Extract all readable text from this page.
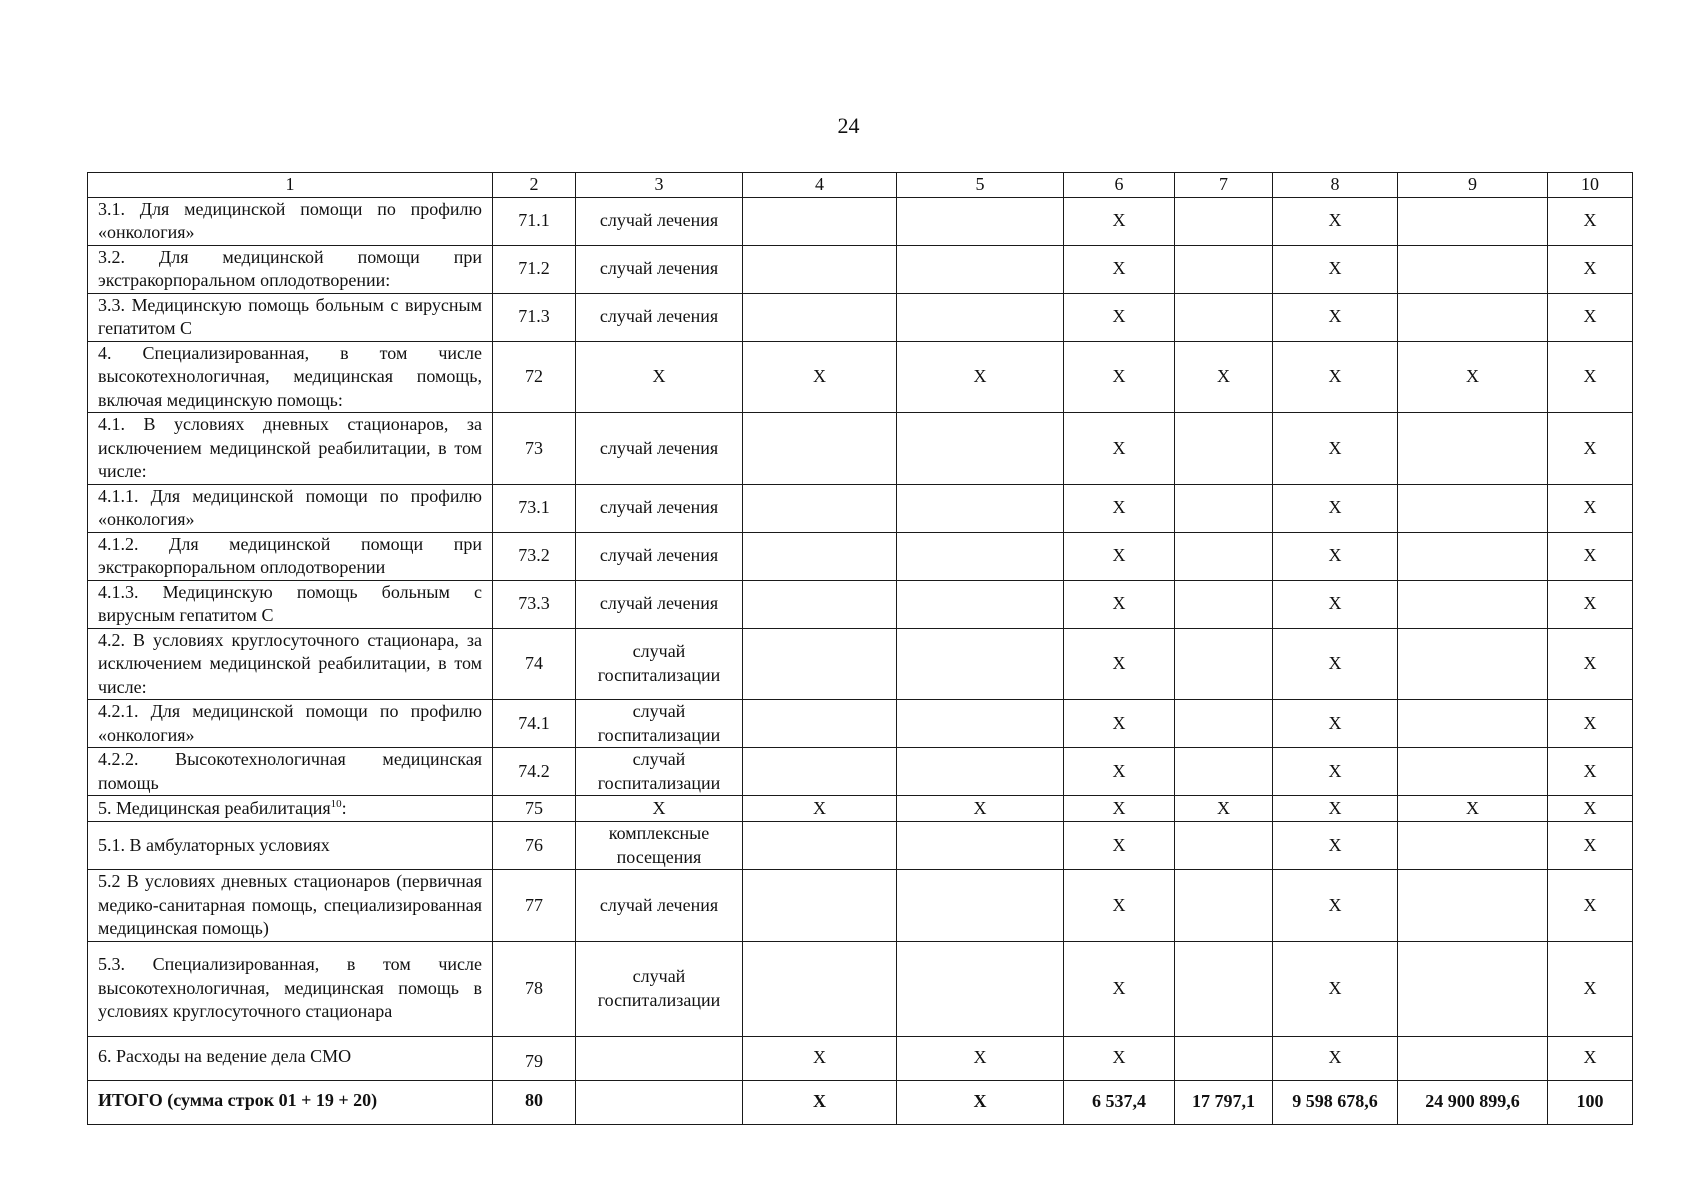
24
1	2	3	4	5	6	7	8	9	10
3.1. Для медицинской помощи по профилю «онкология»	71.1	случай лечения			X		X		X
3.2. Для медицинской помощи при экстракорпоральном оплодотворении:	71.2	случай лечения			X		X		X
3.3. Медицинскую помощь больным с вирусным гепатитом С	71.3	случай лечения			X		X		X
4. Специализированная, в том числе высокотехнологичная, медицинская помощь, включая медицинскую помощь:	72	X	X	X	X	X	X	X	X
4.1. В условиях дневных стационаров, за исключением медицинской реабилитации, в том числе:	73	случай лечения			X		X		X
4.1.1. Для медицинской помощи по профилю «онкология»	73.1	случай лечения			X		X		X
4.1.2. Для медицинской помощи при экстракорпоральном оплодотворении	73.2	случай лечения			X		X		X
4.1.3. Медицинскую помощь больным с вирусным гепатитом С	73.3	случай лечения			X		X		X
4.2. В условиях круглосуточного стационара, за исключением медицинской реабилитации, в том числе:	74	случай госпитализации			X		X		X
4.2.1. Для медицинской помощи по профилю «онкология»	74.1	случай госпитализации			X		X		X
4.2.2. Высокотехнологичная медицинская помощь	74.2	случай госпитализации			X		X		X
5. Медицинская реабилитация$^{10}$:	75	X	X	X	X	X	X	X	X
5.1. В амбулаторных условиях	76	комплексные посещения			X		X		X
5.2 В условиях дневных стационаров (первичная медико-санитарная помощь, специализированная медицинская помощь)	77	случай лечения			X		X		X
5.3. Специализированная, в том числе высокотехнологичная, медицинская помощь в условиях круглосуточного стационара	78	случай госпитализации			X		X		X
6. Расходы на ведение дела СМО	79		X	X	X		X		X
ИТОГО (сумма строк 01 + 19 + 20)	80		X	X	6 537,4	17 797,1	9 598 678,6	24 900 899,6	100
